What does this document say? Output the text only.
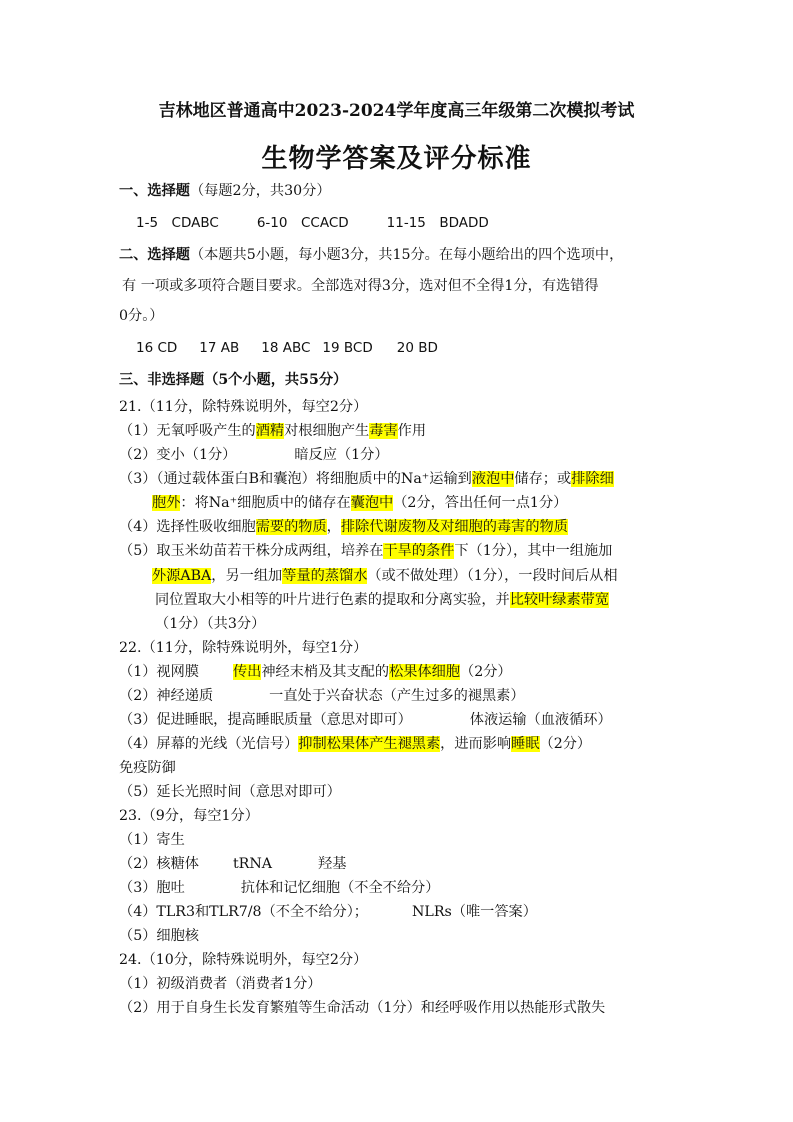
吉林地区普通高中2023-2024学年度高三年级第二次模拟考试
生物学答案及评分标准
一、选择题（每题2分，共30分）
1-5　CDABC	6-10　CCACD	11-15　BDADD
二、选择题（本题共5小题，每小题3分，共15分。在每小题给出的四个选项中，
有 一项或多项符合题目要求。全部选对得3分，选对但不全得1分，有选错得
0分。）
16 CD 17 AB 18 ABC 19 BCD 20 BD
三、非选择题（5个小题，共55分）
21.（11分，除特殊说明外，每空2分）
（1）无氧呼吸产生的酒精对根细胞产生毒害作用
（2）变小（1分）	暗反应（1分）
（3）（通过载体蛋白B和囊泡）将细胞质中的Na⁺运输到液泡中储存；或排除细
胞外：将Na⁺细胞质中的储存在囊泡中（2分，答出任何一点1分）
（4）选择性吸收细胞需要的物质，排除代谢废物及对细胞的毒害的物质
（5）取玉米幼苗若干株分成两组，培养在干旱的条件下（1分），其中一组施加
外源ABA，另一组加等量的蒸馏水（或不做处理）（1分），一段时间后从相
同位置取大小相等的叶片进行色素的提取和分离实验，并比较叶绿素带宽
（1分）（共3分）
22.（11分，除特殊说明外，每空1分）
（1）视网膜 传出神经末梢及其支配的松果体细胞（2分）
（2）神经递质	一直处于兴奋状态（产生过多的褪黑素）
（3）促进睡眠，提高睡眠质量（意思对即可）	体液运输（血液循环）
（4）屏幕的光线（光信号）抑制松果体产生褪黑素，进而影响睡眠（2分）
免疫防御
（5）延长光照时间（意思对即可）
23.（9分，每空1分）
（1）寄生
（2）核糖体 tRNA	羟基
（3）胞吐	抗体和记忆细胞（不全不给分）
（4）TLR3和TLR7/8（不全不给分）；	NLRs（唯一答案）
（5）细胞核
24.（10分，除特殊说明外，每空2分）
（1）初级消费者（消费者1分）
（2）用于自身生长发育繁殖等生命活动（1分）和经呼吸作用以热能形式散失
